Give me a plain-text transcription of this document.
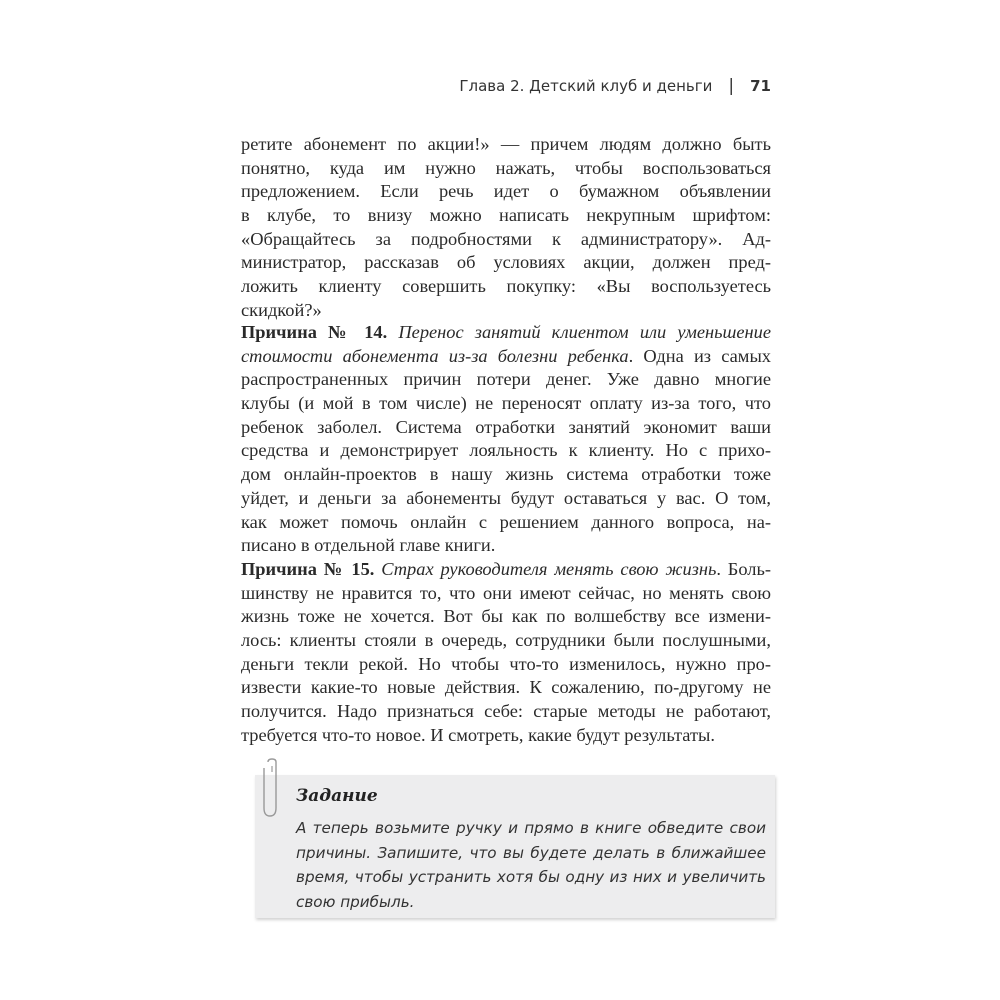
Глава 2. Детский клуб и деньги | 71
ретите абонемент по акции!» — причем людям должно быть
понятно, куда им нужно нажать, чтобы воспользоваться
предложением. Если речь идет о бумажном объявлении
в клубе, то внизу можно написать некрупным шрифтом:
«Обращайтесь за подробностями к администратору». Ад-
министратор, рассказав об условиях акции, должен пред-
ложить клиенту совершить покупку: «Вы воспользуетесь
скидкой?»
Причина № 14. Перенос занятий клиентом или уменьшение
стоимости абонемента из-за болезни ребенка. Одна из самых
распространенных причин потери денег. Уже давно многие
клубы (и мой в том числе) не переносят оплату из-за того, что
ребенок заболел. Система отработки занятий экономит ваши
средства и демонстрирует лояльность к клиенту. Но с прихо-
дом онлайн-проектов в нашу жизнь система отработки тоже
уйдет, и деньги за абонементы будут оставаться у вас. О том,
как может помочь онлайн с решением данного вопроса, на-
писано в отдельной главе книги.
Причина № 15. Страх руководителя менять свою жизнь. Боль-
шинству не нравится то, что они имеют сейчас, но менять свою
жизнь тоже не хочется. Вот бы как по волшебству все измени-
лось: клиенты стояли в очередь, сотрудники были послушными,
деньги текли рекой. Но чтобы что-то изменилось, нужно про-
извести какие-то новые действия. К сожалению, по-другому не
получится. Надо признаться себе: старые методы не работают,
требуется что-то новое. И смотреть, какие будут результаты.
Задание
А теперь возьмите ручку и прямо в книге обведите свои
причины. Запишите, что вы будете делать в ближайшее
время, чтобы устранить хотя бы одну из них и увеличить
свою прибыль.
